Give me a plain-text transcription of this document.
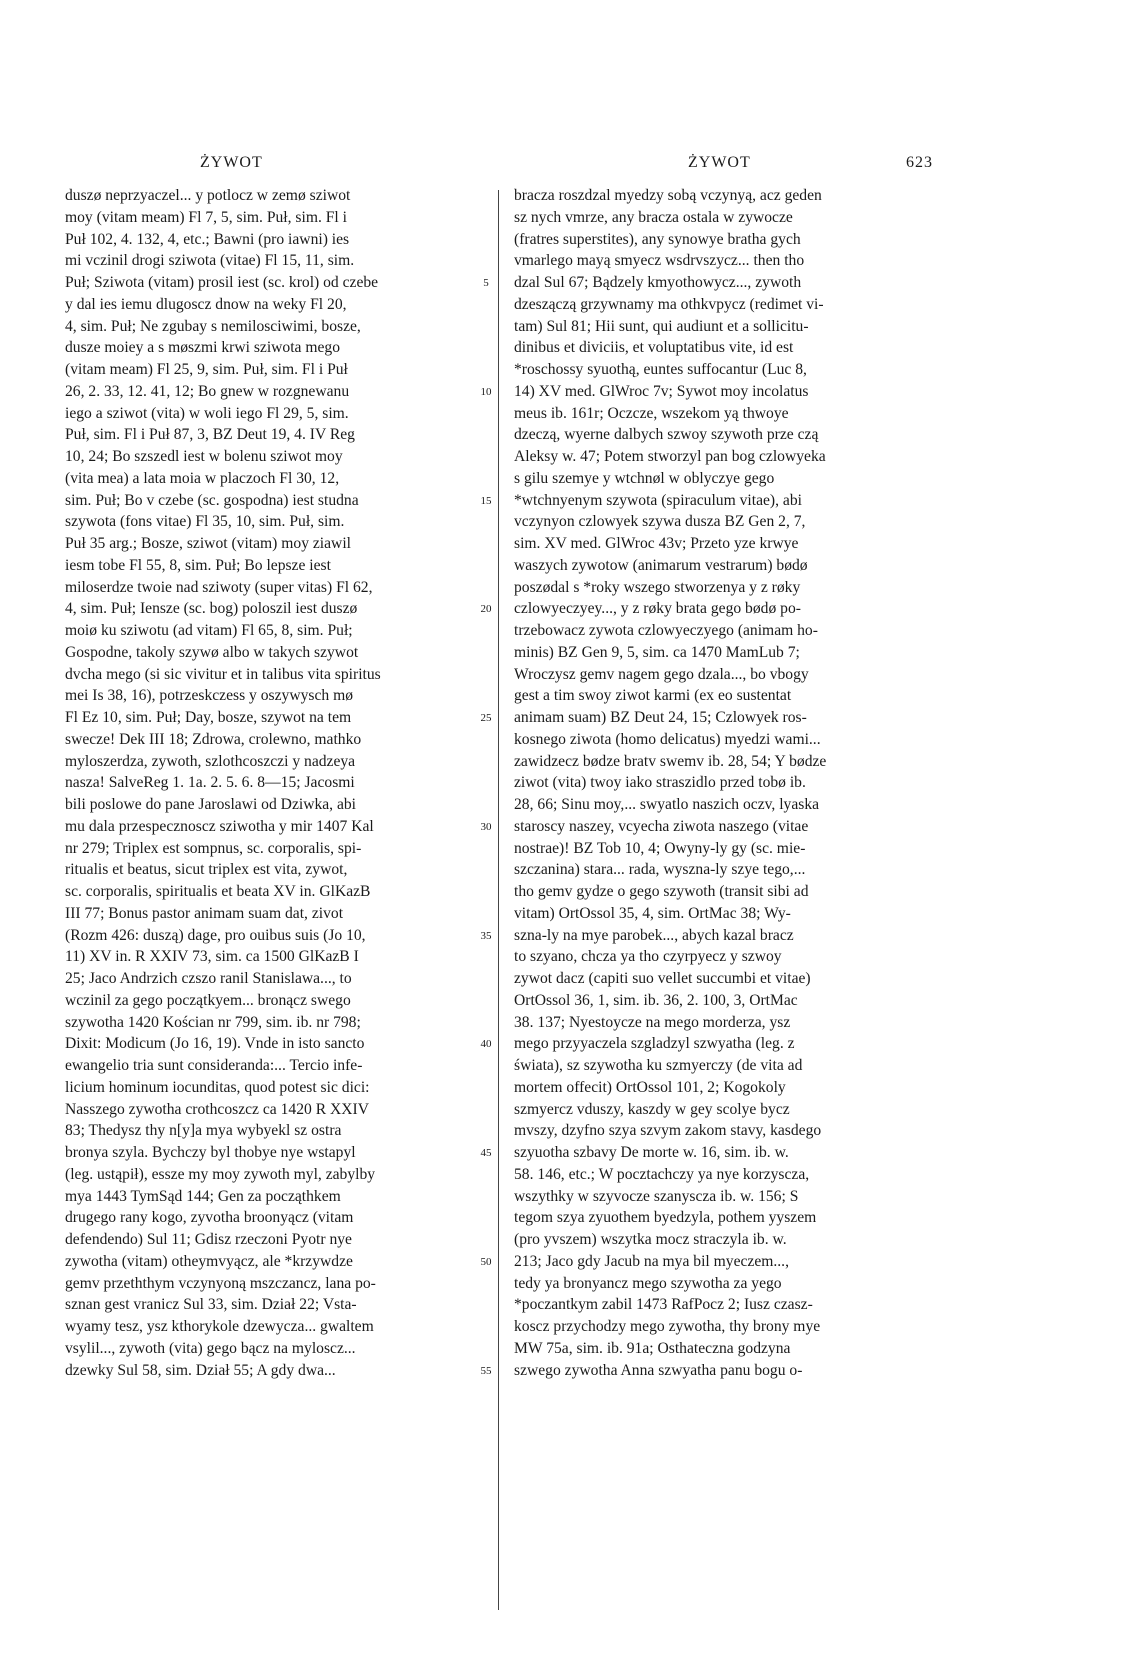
ŻYWOT	ŻYWOT	623
duszø neprzyaczel... y potlocz w zemø sziwot
moy (vitam meam) Fl 7, 5, sim. Puł, sim. Fl i
Puł 102, 4. 132, 4, etc.; Bawni (pro iawni) ies
mi vczinil drogi sziwota (vitae) Fl 15, 11, sim.
Puł; Sziwota (vitam) prosil iest (sc. krol) od czebe
y dal ies iemu dlugoscz dnow na weky Fl 20,
4, sim. Puł; Ne zgubay s nemilosciwimi, bosze,
dusze moiey a s møszmi krwi sziwota mego
(vitam meam) Fl 25, 9, sim. Puł, sim. Fl i Puł
26, 2. 33, 12. 41, 12; Bo gnew w rozgnewanu
iego a sziwot (vita) w woli iego Fl 29, 5, sim.
Puł, sim. Fl i Puł 87, 3, BZ Deut 19, 4. IV Reg
10, 24; Bo szszedl iest w bolenu sziwot moy
(vita mea) a lata moia w placzoch Fl 30, 12,
sim. Puł; Bo v czebe (sc. gospodna) iest studna
szywota (fons vitae) Fl 35, 10, sim. Puł, sim.
Puł 35 arg.; Bosze, sziwot (vitam) moy ziawil
iesm tobe Fl 55, 8, sim. Puł; Bo lepsze iest
miloserdze twoie nad sziwoty (super vitas) Fl 62,
4, sim. Puł; Iensze (sc. bog) poloszil iest duszø
moiø ku sziwotu (ad vitam) Fl 65, 8, sim. Puł;
Gospodne, takoly szywø albo w takych szywot
dvcha mego (si sic vivitur et in talibus vita spiritus
mei Is 38, 16), potrzeskczess y oszywysch mø
Fl Ez 10, sim. Puł; Day, bosze, szywot na tem
swecze! Dek III 18; Zdrowa, crolewno, mathko
myloszerdza, zywoth, szlothcoszczi y nadzeya
nasza! SalveReg 1. 1a. 2. 5. 6. 8—15; Jacosmi
bili poslowe do pane Jaroslawi od Dziwka, abi
mu dala przespecznoscz sziwotha y mir 1407 Kal
nr 279; Triplex est sompnus, sc. corporalis, spi-
ritualis et beatus, sicut triplex est vita, zywot,
sc. corporalis, spiritualis et beata XV in. GlKazB
III 77; Bonus pastor animam suam dat, zivot
(Rozm 426: duszą) dage, pro ouibus suis (Jo 10,
11) XV in. R XXIV 73, sim. ca 1500 GlKazB I
25; Jaco Andrzich czszo ranil Stanislawa..., to
wczinil za gego początkyem... bronącz swego
szywotha 1420 Kościan nr 799, sim. ib. nr 798;
Dixit: Modicum (Jo 16, 19). Vnde in isto sancto
ewangelio tria sunt consideranda:... Tercio infe-
licium hominum iocunditas, quod potest sic dici:
Nasszego zywotha crothcoszcz ca 1420 R XXIV
83; Thedysz thy n[y]a mya wybyekl sz ostra
bronya szyla. Bychczy byl thobye nye wstapyl
(leg. ustąpił), essze my moy zywoth myl, zabylby
mya 1443 TymSąd 144; Gen za począthkem
drugego rany kogo, zyvotha broonyącz (vitam
defendendo) Sul 11; Gdisz rzeczoni Pyotr nye
zywotha (vitam) otheymvyącz, ale *krzywdze
gemv przeththym vczynyoną mszczancz, lana po-
sznan gest vranicz Sul 33, sim. Dział 22; Vsta-
wyamy tesz, ysz kthorykole dzewycza... gwaltem
vsylil..., zywoth (vita) gego bącz na myloscz...
dzewky Sul 58, sim. Dział 55; A gdy dwa...
5
10
15
20
25
30
35
40
45
50
55
bracza roszdzal myedzy sobą vczynyą, acz geden
sz nych vmrze, any bracza ostala w zywocze
(fratres superstites), any synowye bratha gych
vmarlego mayą smyecz wsdrvszycz... then tho
dzal Sul 67; Bądzely kmyothowycz..., zywoth
dzeszączą grzywnamy ma othkvpycz (redimet vi-
tam) Sul 81; Hii sunt, qui audiunt et a sollicitu-
dinibus et diviciis, et voluptatibus vite, id est
*roschossy syuothą, euntes suffocantur (Luc 8,
14) XV med. GlWroc 7v; Sywot moy incolatus
meus ib. 161r; Oczcze, wszekom yą thwoye
dzeczą, wyerne dalbych szwoy szywoth prze czą
Aleksy w. 47; Potem stworzyl pan bog czlowyeka
s gilu szemye y wtchnøl w oblyczye gego
*wtchnyenym szywota (spiraculum vitae), abi
vczynyon czlowyek szywa dusza BZ Gen 2, 7,
sim. XV med. GlWroc 43v; Przeto yze krwye
waszych zywotow (animarum vestrarum) bødø
poszødal s *roky wszego stworzenya y z røky
czlowyeczyey..., y z røky brata gego bødø po-
trzebowacz zywota czlowyeczyego (animam ho-
minis) BZ Gen 9, 5, sim. ca 1470 MamLub 7;
Wroczysz gemv nagem gego dzala..., bo vbogy
gest a tim swoy ziwot karmi (ex eo sustentat
animam suam) BZ Deut 24, 15; Czlowyek ros-
kosnego ziwota (homo delicatus) myedzi wami...
zawidzecz bødze bratv swemv ib. 28, 54; Y bødze
ziwot (vita) twoy iako straszidlo przed tobø ib.
28, 66; Sinu moy,... swyatlo naszich oczv, lyaska
staroscy naszey, vcyecha ziwota naszego (vitae
nostrae)! BZ Tob 10, 4; Owyny-ly gy (sc. mie-
szczanina) stara... rada, wyszna-ly szye tego,...
tho gemv gydze o gego szywoth (transit sibi ad
vitam) OrtOssol 35, 4, sim. OrtMac 38; Wy-
szna-ly na mye parobek..., abych kazal bracz
to szyano, chcza ya tho czyrpyecz y szwoy
zywot dacz (capiti suo vellet succumbi et vitae)
OrtOssol 36, 1, sim. ib. 36, 2. 100, 3, OrtMac
38. 137; Nyestoycze na mego morderza, ysz
mego przyyaczela szgladzyl szwyatha (leg. z
świata), sz szywotha ku szmyerczy (de vita ad
mortem offecit) OrtOssol 101, 2; Kogokoly
szmyercz vduszy, kaszdy w gey scolye bycz
mvszy, dzyfno szya szvym zakom stavy, kasdego
szyuotha szbavy De morte w. 16, sim. ib. w.
58. 146, etc.; W pocztachczy ya nye korzyscza,
wszythky w szyvocze szanyscza ib. w. 156; S
tegom szya zyuothem byedzyla, pothem yyszem
(pro yvszem) wszytka mocz straczyla ib. w.
213; Jaco gdy Jacub na mya bil myeczem...,
tedy ya bronyancz mego szywotha za yego
*poczantkym zabil 1473 RafPocz 2; Iusz czasz-
koscz przychodzy mego zywotha, thy brony mye
MW 75a, sim. ib. 91a; Osthateczna godzyna
szwego zywotha Anna szwyatha panu bogu o-
